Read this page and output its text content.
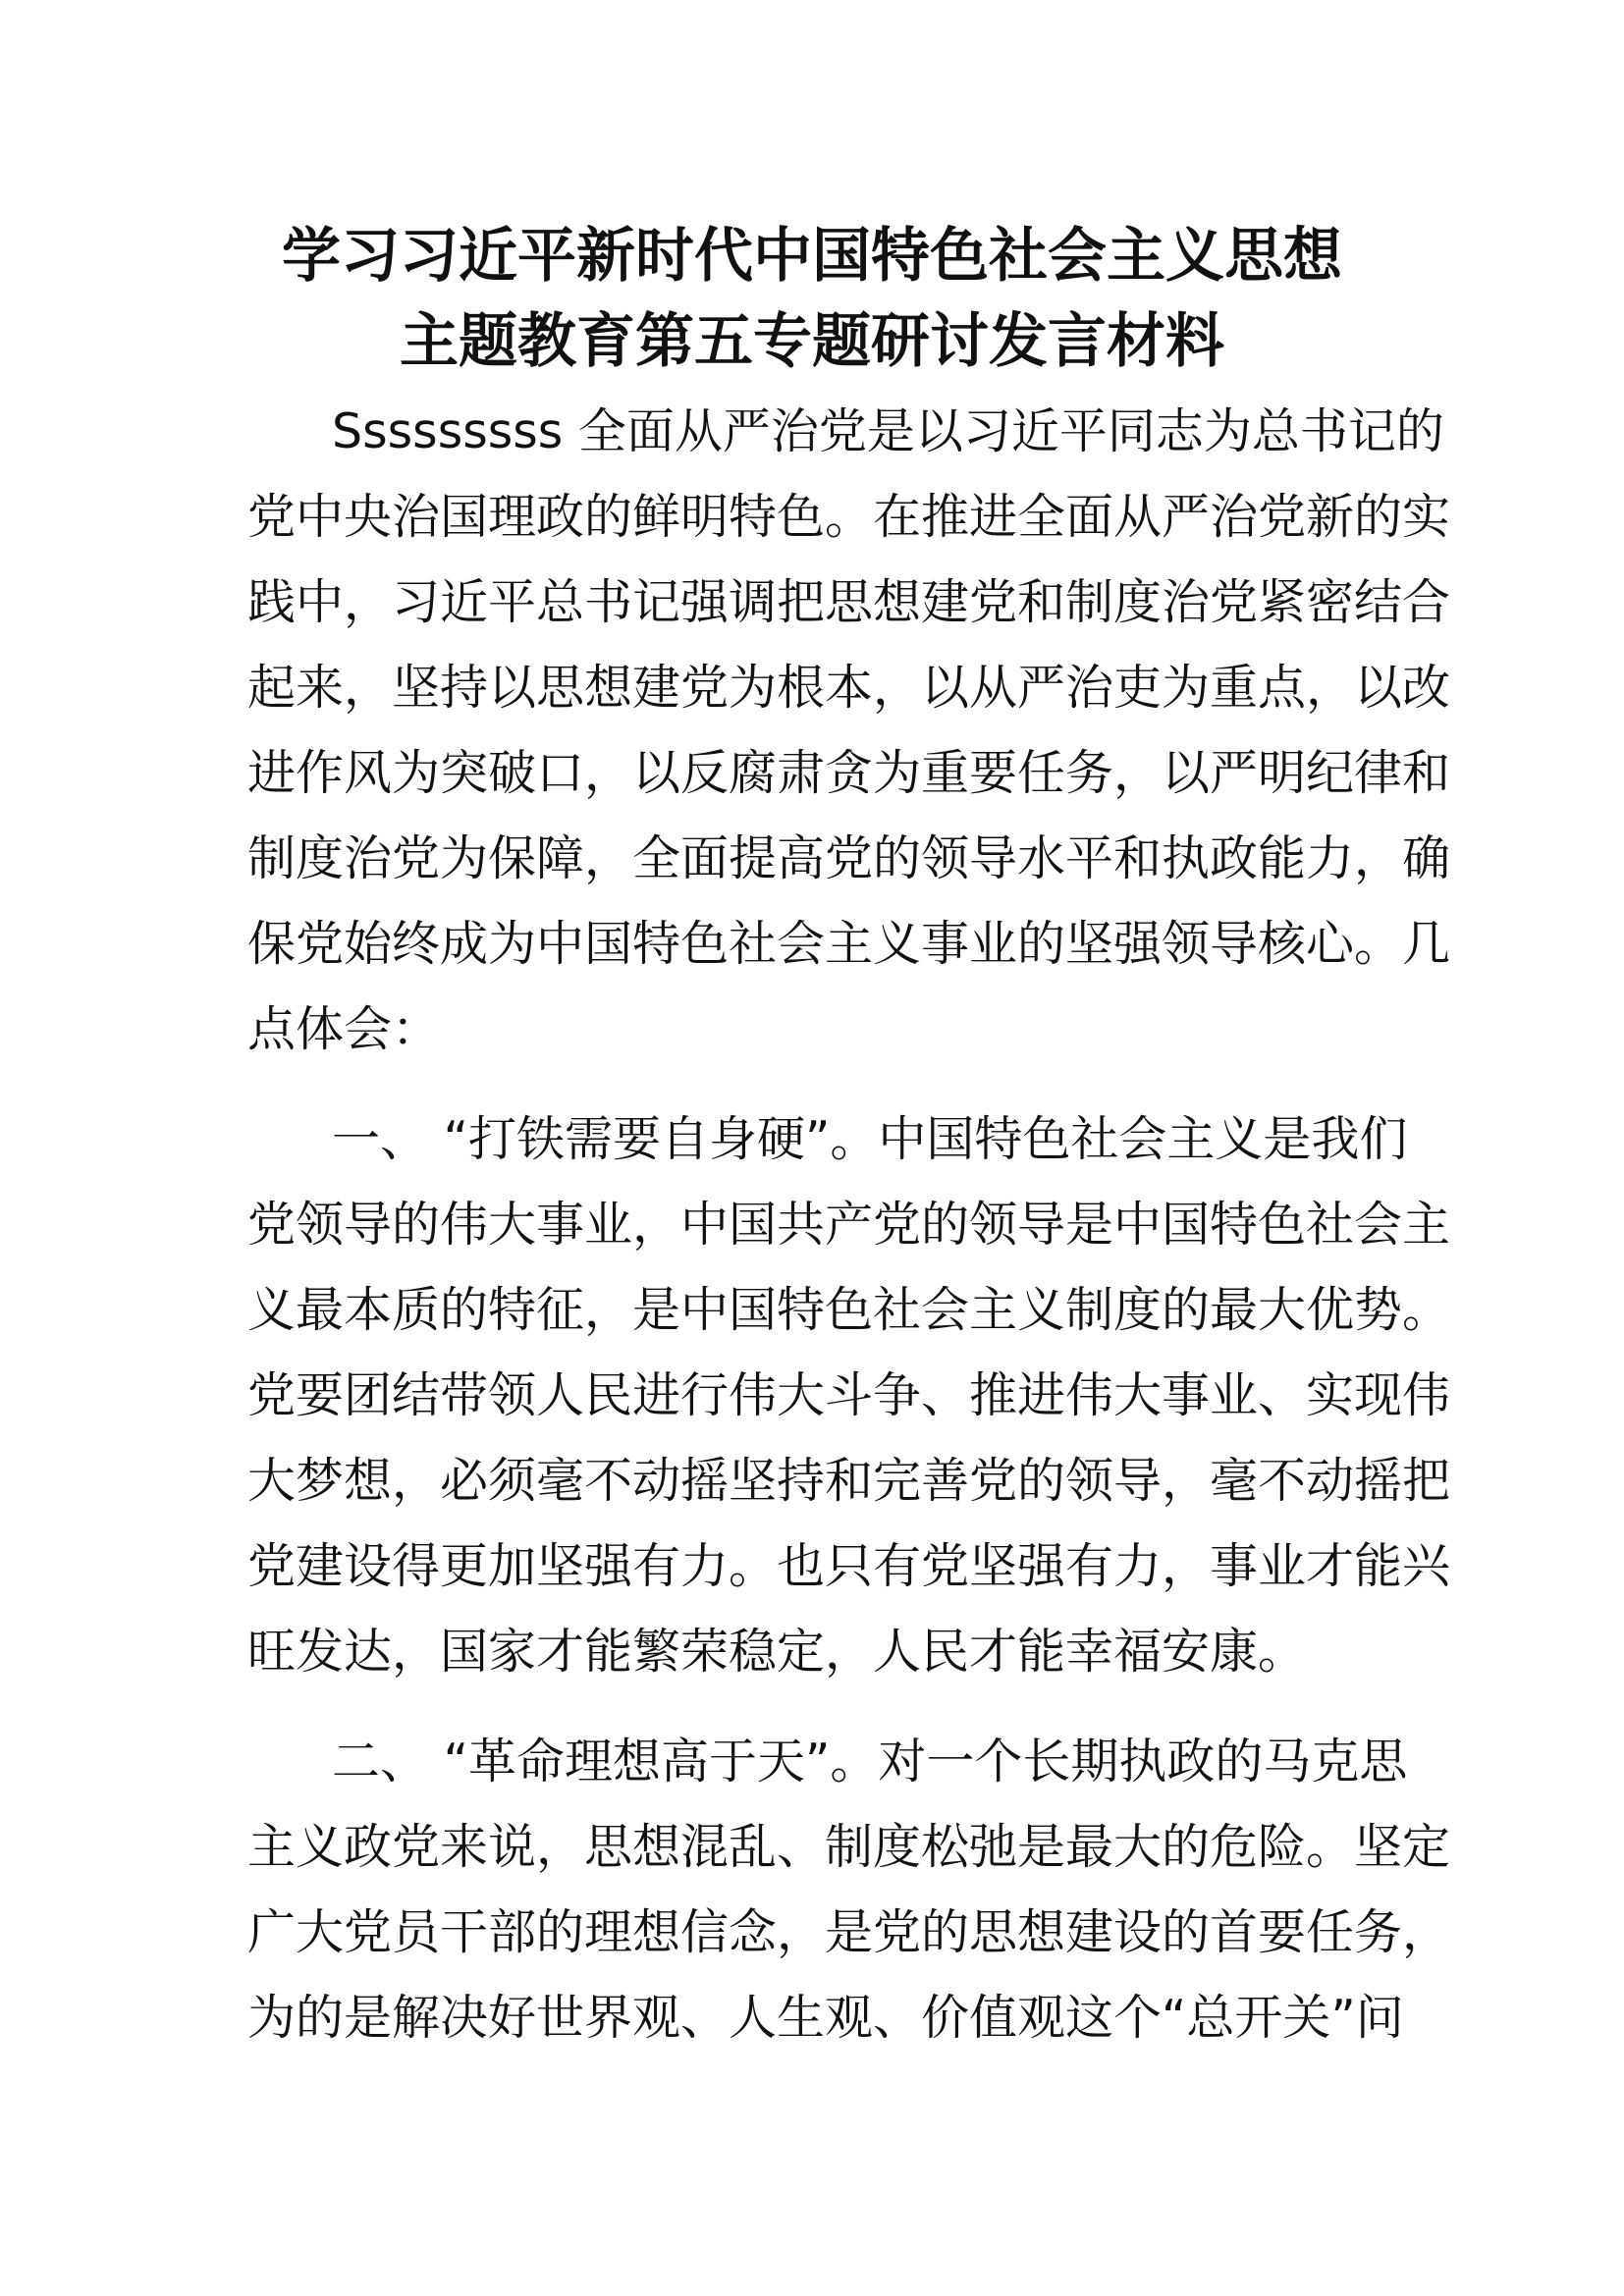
学习习近平新时代中国特色社会主义思想
主题教育第五专题研讨发言材料

Sssssssss 全面从严治党是以习近平同志为总书记的

党中央治国理政的鲜明特色。在推进全面从严治党新的实

践中，习近平总书记强调把思想建党和制度治党紧密结合

起来，坚持以思想建党为根本，以从严治吏为重点，以改

进作风为突破口，以反腐肃贪为重要任务，以严明纪律和

制度治党为保障，全面提高党的领导水平和执政能力，确

保党始终成为中国特色社会主义事业的坚强领导核心。几

点体会：

一、 “打铁需要自身硬”。中国特色社会主义是我们

党领导的伟大事业，中国共产党的领导是中国特色社会主

义最本质的特征，是中国特色社会主义制度的最大优势。

党要团结带领人民进行伟大斗争、推进伟大事业、实现伟

大梦想，必须毫不动摇坚持和完善党的领导，毫不动摇把

党建设得更加坚强有力。也只有党坚强有力，事业才能兴

旺发达，国家才能繁荣稳定，人民才能幸福安康。

二、 “革命理想高于天”。对一个长期执政的马克思

主义政党来说，思想混乱、制度松弛是最大的危险。坚定

广大党员干部的理想信念，是党的思想建设的首要任务，

为的是解决好世界观、人生观、价值观这个“总开关”问
